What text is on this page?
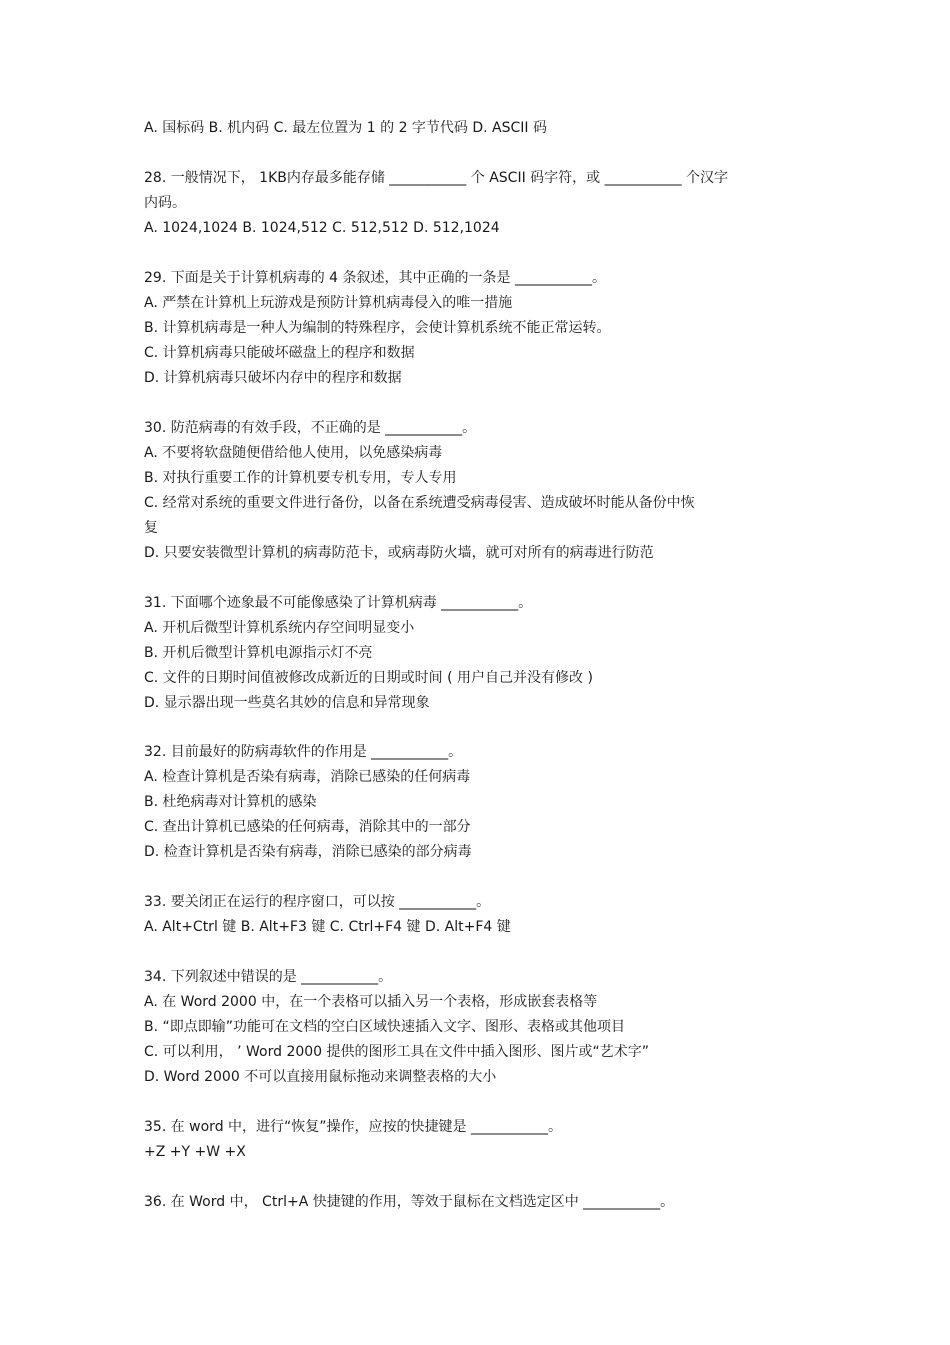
A. 国标码 B. 机内码 C. 最左位置为 1 的 2 字节代码 D. ASCII 码
28. 一般情况下， 1KB内存最多能存储 ___________ 个 ASCII 码字符，或 ___________ 个汉字
内码。
A. 1024,1024 B. 1024,512 C. 512,512 D. 512,1024
29. 下面是关于计算机病毒的 4 条叙述，其中正确的一条是 ___________。
A. 严禁在计算机上玩游戏是预防计算机病毒侵入的唯一措施
B. 计算机病毒是一种人为编制的特殊程序，会使计算机系统不能正常运转。
C. 计算机病毒只能破坏磁盘上的程序和数据
D. 计算机病毒只破坏内存中的程序和数据
30. 防范病毒的有效手段，不正确的是 ___________。
A. 不要将软盘随便借给他人使用，以免感染病毒
B. 对执行重要工作的计算机要专机专用，专人专用
C. 经常对系统的重要文件进行备份，以备在系统遭受病毒侵害、造成破坏时能从备份中恢
复
D. 只要安装微型计算机的病毒防范卡，或病毒防火墙，就可对所有的病毒进行防范
31. 下面哪个迹象最不可能像感染了计算机病毒 ___________。
A. 开机后微型计算机系统内存空间明显变小
B. 开机后微型计算机电源指示灯不亮
C. 文件的日期时间值被修改成新近的日期或时间 ( 用户自己并没有修改 )
D. 显示器出现一些莫名其妙的信息和异常现象
32. 目前最好的防病毒软件的作用是 ___________。
A. 检查计算机是否染有病毒，消除已感染的任何病毒
B. 杜绝病毒对计算机的感染
C. 查出计算机已感染的任何病毒，消除其中的一部分
D. 检查计算机是否染有病毒，消除已感染的部分病毒
33. 要关闭正在运行的程序窗口，可以按 ___________。
A. Alt+Ctrl 键 B. Alt+F3 键 C. Ctrl+F4 键 D. Alt+F4 键
34. 下列叙述中错误的是 ___________。
A. 在 Word 2000 中，在一个表格可以插入另一个表格，形成嵌套表格等
B. “即点即输”功能可在文档的空白区域快速插入文字、图形、表格或其他项目
C. 可以利用， ’ Word 2000 提供的图形工具在文件中插入图形、图片或“艺术字”
D. Word 2000 不可以直接用鼠标拖动来调整表格的大小
35. 在 word 中，进行“恢复”操作，应按的快捷键是 ___________。
+Z +Y +W +X
36. 在 Word 中， Ctrl+A 快捷键的作用，等效于鼠标在文档选定区中 ___________。
